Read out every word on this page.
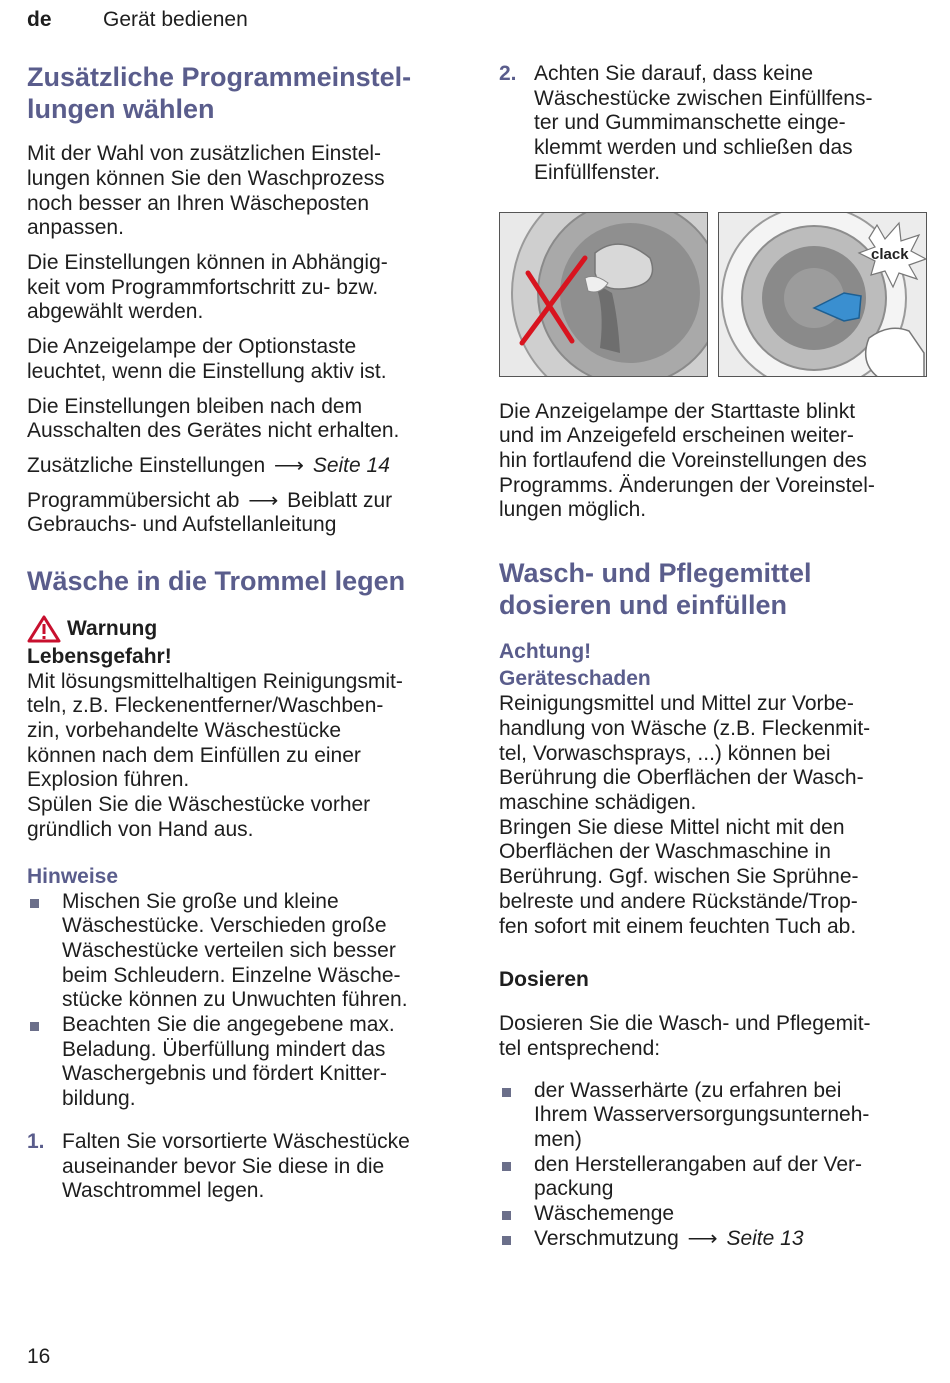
de Gerät bedienen
Zusätzliche Programmeinstel-
lungen wählen

Mit der Wahl von zusätzlichen Einstel-
lungen können Sie den Waschprozess
noch besser an Ihren Wäscheposten
anpassen.

Die Einstellungen können in Abhängig-
keit vom Programmfortschritt zu- bzw.
abgewählt werden.

Die Anzeigelampe der Optionstaste
leuchtet, wenn die Einstellung aktiv ist.

Die Einstellungen bleiben nach dem
Ausschalten des Gerätes nicht erhalten.

Zusätzliche Einstellungen ⟶ Seite 14

Programmübersicht ab ⟶ Beiblatt zur
Gebrauchs- und Aufstellanleitung

Wäsche in die Trommel legen
Warnung
Lebensgefahr!

Mit lösungsmittelhaltigen Reinigungsmit-
teln, z.B. Fleckenentferner/Waschben-
zin, vorbehandelte Wäschestücke
können nach dem Einfüllen zu einer
Explosion führen.
Spülen Sie die Wäschestücke vorher
gründlich von Hand aus.

Hinweise
Mischen Sie große und kleine
Wäschestücke. Verschieden große
Wäschestücke verteilen sich besser
beim Schleudern. Einzelne Wäsche-
stücke können zu Unwuchten führen.
Beachten Sie die angegebene max.
Beladung. Überfüllung mindert das
Waschergebnis und fördert Knitter-
bildung.
1. Falten Sie vorsortierte Wäschestücke
auseinander bevor Sie diese in die
Waschtrommel legen.
2. Achten Sie darauf, dass keine
Wäschestücke zwischen Einfüllfens-
ter und Gummimanschette einge-
klemmt werden und schließen das
Einfüllfenster.
clack

Die Anzeigelampe der Starttaste blinkt
und im Anzeigefeld erscheinen weiter-
hin fortlaufend die Voreinstellungen des
Programms. Änderungen der Voreinstel-
lungen möglich.

Wasch- und Pflegemittel
dosieren und einfüllen
Achtung!
Geräteschaden

Reinigungsmittel und Mittel zur Vorbe-
handlung von Wäsche (z.B. Fleckenmit-
tel, Vorwaschsprays, ...) können bei
Berührung die Oberflächen der Wasch-
maschine schädigen.
Bringen Sie diese Mittel nicht mit den
Oberflächen der Waschmaschine in
Berührung. Ggf. wischen Sie Sprühne-
belreste und andere Rückstände/Trop-
fen sofort mit einem feuchten Tuch ab.

Dosieren

Dosieren Sie die Wasch- und Pflegemit-
tel entsprechend:

der Wasserhärte (zu erfahren bei
Ihrem Wasserversorgungsunterneh-
men)
den Herstellerangaben auf der Ver-
packung
Wäschemenge
Verschmutzung ⟶ Seite 13
16
